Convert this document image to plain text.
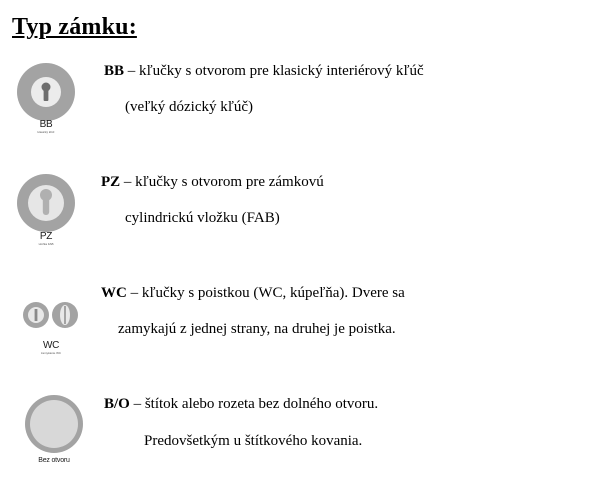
Typ zámku:
BB
klasický kľúč
BB – kľučky s otvorom pre klasický interiérový kľúč
(veľký dózický kľúč)
PZ
vložka FAB
PZ – kľučky s otvorom pre zámkovú
cylindrickú vložku (FAB)
WC
zamykanie WC
WC – kľučky s poistkou (WC, kúpeľňa). Dvere sa
zamykajú z jednej strany, na druhej je poistka.
Bez otvoru
B/O – štítok alebo rozeta bez dolného otvoru.
Predovšetkým u štítkového kovania.
